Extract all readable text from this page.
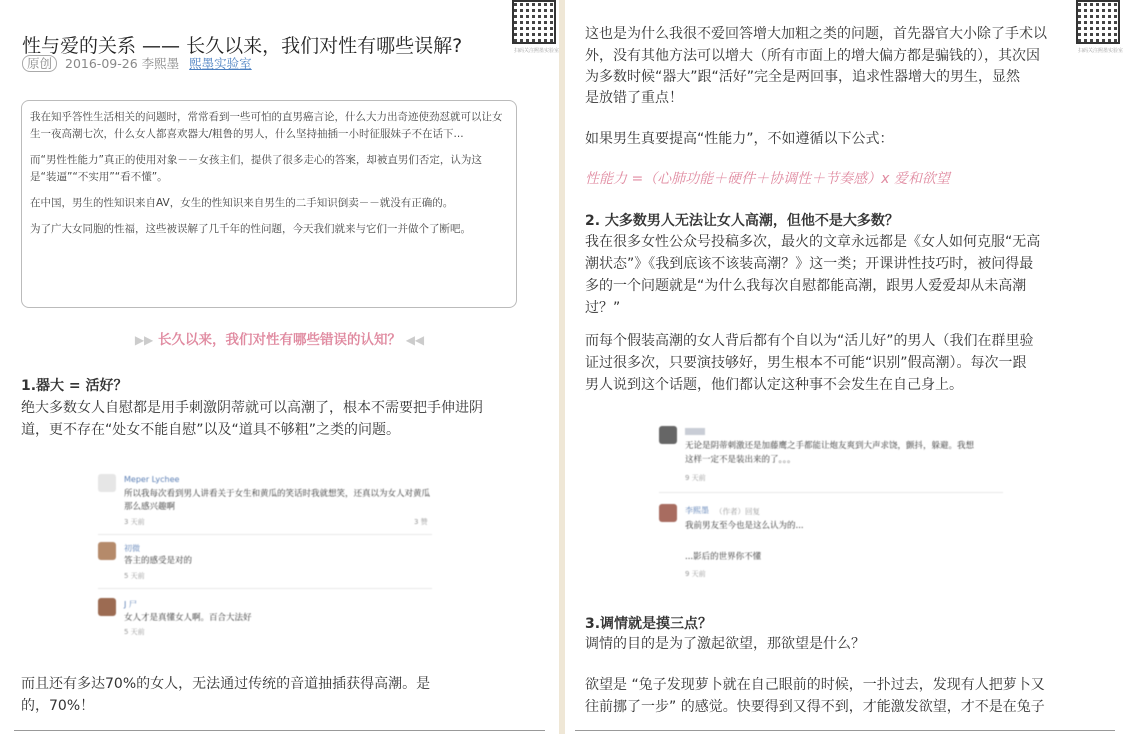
扫码关注熙墨实验室
性与爱的关系 —— 长久以来，我们对性有哪些误解?
原创 2016-09-26 李熙墨 熙墨实验室

我在知乎答性生活相关的问题时，常常看到一些可怕的直男癌言论，什么大力出奇迹使劲怼就可以让女生一夜高潮七次，什么女人都喜欢器大/粗鲁的男人，什么坚持抽插一小时征服妹子不在话下...

而“男性性能力”真正的使用对象－－女孩主们，提供了很多走心的答案，却被直男们否定，认为这是“装逼”“不实用”“看不懂”。

在中国，男生的性知识来自AV，女生的性知识来自男生的二手知识倒卖－－就没有正确的。

为了广大女同胞的性福，这些被误解了几千年的性问题，今天我们就来与它们一并做个了断吧。

▶▶ 长久以来，我们对性有哪些错误的认知？ ◀◀
1.器大 = 活好？
绝大多数女人自慰都是用手刺激阴蒂就可以高潮了，根本不需要把手伸进阴
道，更不存在“处女不能自慰”以及“道具不够粗”之类的问题。
Meper Lychee
所以我每次看到男人讲看关于女生和黄瓜的笑话时我就想笑，还真以为女人对黄瓜
那么感兴趣啊
3 天前	3 赞
初微
答主的感受是对的
5 天前
J 尸
女人才是真懂女人啊。百合大法好
5 天前
而且还有多达70%的女人，无法通过传统的音道抽插获得高潮。是
的，70%！
扫码关注熙墨实验室
这也是为什么我很不爱回答增大加粗之类的问题，首先器官大小除了手术以
外，没有其他方法可以增大（所有市面上的增大偏方都是骗钱的），其次因
为多数时候“器大”跟“活好”完全是两回事，追求性器增大的男生，显然
是放错了重点！
如果男生真要提高“性能力”，不如遵循以下公式：
性能力 =（心肺功能＋硬件＋协调性＋节奏感）x 爱和欲望
2. 大多数男人无法让女人高潮，但他不是大多数？
我在很多女性公众号投稿多次，最火的文章永远都是《女人如何克服“无高
潮状态”》《我到底该不该装高潮？》这一类；开课讲性技巧时，被问得最
多的一个问题就是“为什么我每次自慰都能高潮，跟男人爱爱却从未高潮
过？”
而每个假装高潮的女人背后都有个自以为“活儿好”的男人（我们在群里验
证过很多次，只要演技够好，男生根本不可能“识别”假高潮）。每次一跟
男人说到这个话题，他们都认定这种事不会发生在自己身上。
无论是阴蒂刺激还是加藤鹰之手都能让炮友爽到大声求饶，颤抖，躲避。我想
这样一定不是装出来的了。。。
9 天前
李熙墨 （作者）回复
我前男友至今也是这么认为的...
...影后的世界你不懂
9 天前
3.调情就是摸三点？
调情的目的是为了激起欲望，那欲望是什么？
欲望是 “兔子发现萝卜就在自己眼前的时候，一扑过去，发现有人把萝卜又
往前挪了一步” 的感觉。快要得到又得不到，才能激发欲望，才不是在兔子
